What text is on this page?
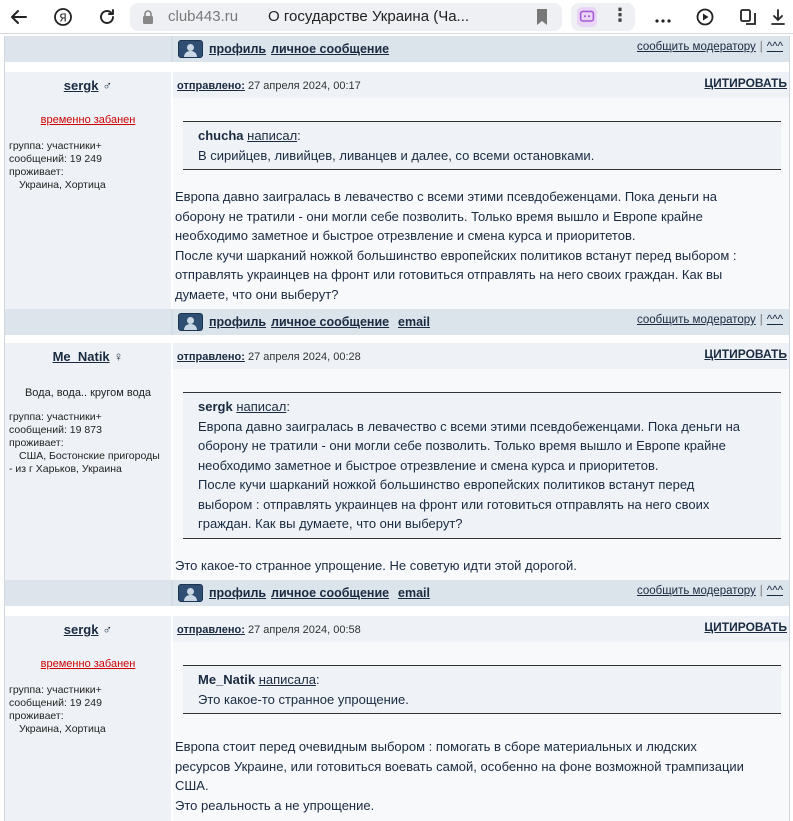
Я	club443.ru О государстве Украина (Ча...	⋮
профиль личное сообщение	сообщить модератору | ^^^
sergk ♂	отправлено: 27 апреля 2024, 00:17	ЦИТИРОВАТЬ
временно забанен
группа: участники+
сообщений: 19 249
проживает:

Украина, Хортица
chucha написал:
В сирийцев, ливийцев, ливанцев и далее, со всеми остановками.
Европа давно заигралась в левачество с всеми этими псевдобеженцами. Пока деньги на
оборону не тратили - они могли себе позволить. Только время вышло и Европе крайне
необходимо заметное и быстрое отрезвление и смена курса и приоритетов.
После кучи шарканий ножкой большинство европейских политиков встанут перед выбором :
отправлять украинцев на фронт или готовиться отправлять на него своих граждан. Как вы
думаете, что они выберут?
профиль личное сообщение email	сообщить модератору | ^^^
Me_Natik ♀	отправлено: 27 апреля 2024, 00:28	ЦИТИРОВАТЬ
Вода, вода.. кругом вода
группа: участники+
сообщений: 19 873
проживает:

США, Бостонские пригороды
- из г Харьков, Украина
sergk написал:

Европа давно заигралась в левачество с всеми этими псевдобеженцами. Пока деньги на
оборону не тратили - они могли себе позволить. Только время вышло и Европе крайне
необходимо заметное и быстрое отрезвление и смена курса и приоритетов.
После кучи шарканий ножкой большинство европейских политиков встанут перед
выбором : отправлять украинцев на фронт или готовиться отправлять на него своих
граждан. Как вы думаете, что они выберут?
Это какое-то странное упрощение. Не советую идти этой дорогой.
профиль личное сообщение email	сообщить модератору | ^^^
sergk ♂	отправлено: 27 апреля 2024, 00:58	ЦИТИРОВАТЬ
временно забанен
группа: участники+
сообщений: 19 249
проживает:

Украина, Хортица
Me_Natik написала:
Это какое-то странное упрощение.
Европа стоит перед очевидным выбором : помогать в сборе материальных и людских
ресурсов Украине, или готовиться воевать самой, особенно на фоне возможной трампизации
США.
Это реальность а не упрощение.
